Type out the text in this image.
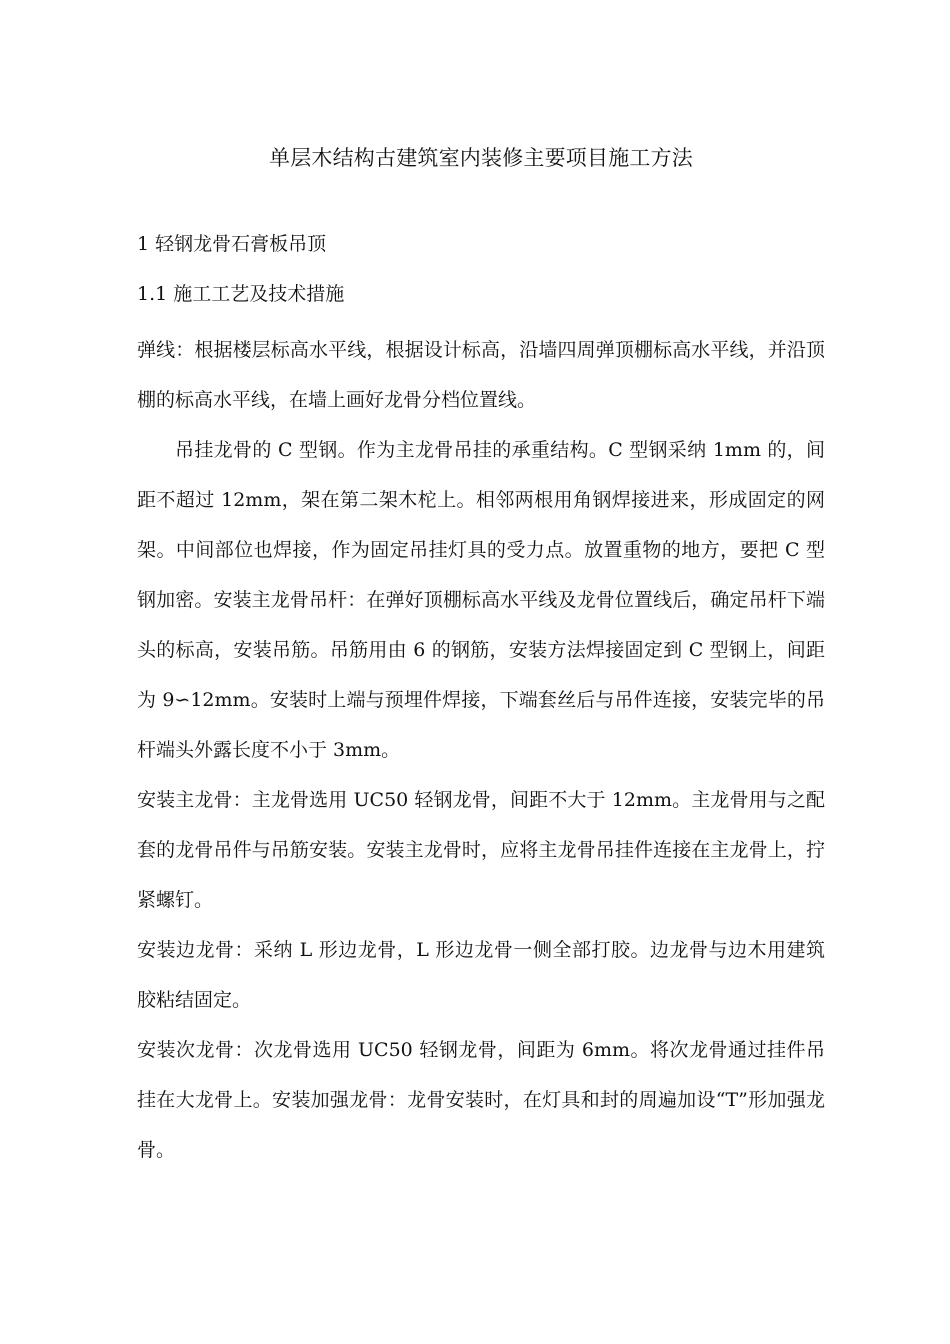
单层木结构古建筑室内装修主要项目施工方法
1 轻钢龙骨石膏板吊顶
1.1 施工工艺及技术措施

弹线：根据楼层标高水平线，根据设计标高，沿墙四周弹顶棚标高水平线，并沿顶棚的标高水平线，在墙上画好龙骨分档位置线。

吊挂龙骨的 C 型钢。作为主龙骨吊挂的承重结构。C 型钢采纳 1mm 的，间距不超过 12mm，架在第二架木柁上。相邻两根用角钢焊接进来，形成固定的网架。中间部位也焊接，作为固定吊挂灯具的受力点。放置重物的地方，要把 C 型钢加密。安装主龙骨吊杆：在弹好顶棚标高水平线及龙骨位置线后，确定吊杆下端头的标高，安装吊筋。吊筋用由 6 的钢筋，安装方法焊接固定到 C 型钢上，间距为 9∽12mm。安装时上端与预埋件焊接，下端套丝后与吊件连接，安装完毕的吊杆端头外露长度不小于 3mm。

安装主龙骨：主龙骨选用 UC50 轻钢龙骨，间距不大于 12mm。主龙骨用与之配套的龙骨吊件与吊筋安装。安装主龙骨时，应将主龙骨吊挂件连接在主龙骨上，拧紧螺钉。

安装边龙骨：采纳 L 形边龙骨，L 形边龙骨一侧全部打胶。边龙骨与边木用建筑胶粘结固定。

安装次龙骨：次龙骨选用 UC50 轻钢龙骨，间距为 6mm。将次龙骨通过挂件吊挂在大龙骨上。安装加强龙骨：龙骨安装时，在灯具和封的周遍加设“T”形加强龙骨。
